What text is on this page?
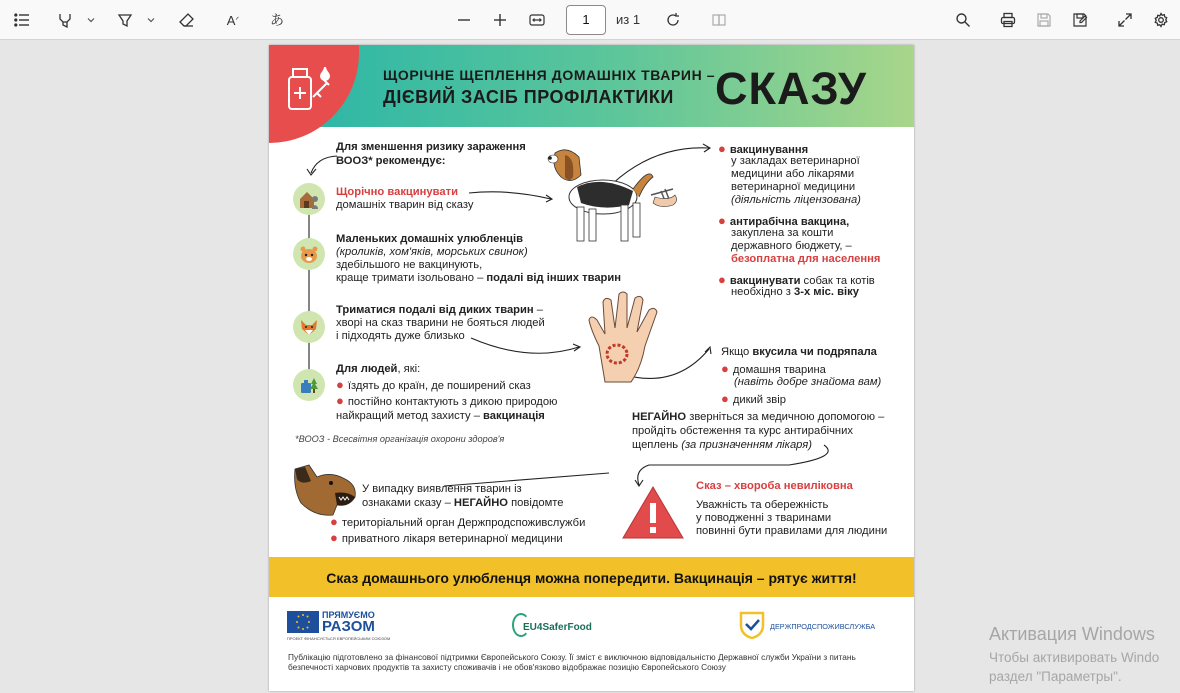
A ᐟ	あ	1	из 1
ЩОРІЧНЕ ЩЕПЛЕННЯ ДОМАШНІХ ТВАРИН –
ДІЄВИЙ ЗАСІБ ПРОФІЛАКТИКИ СКАЗУ
Для зменшення ризику зараження
ВООЗ* рекомендує:
Щорічно вакцинувати
домашніх тварин від сказу
Маленьких домашніх улюбленців
(кроликів, хом'яків, морських свинок)
здебільшого не вакцинують,
краще тримати ізольовано – подалі від інших тварин
Триматися подалі від диких тварин –
хворі на сказ тварини не бояться людей
і підходять дуже близько
Для людей, які:
● їздять до країн, де поширений сказ
● постійно контактують з дикою природою
найкращий метод захисту – вакцинація
*ВООЗ - Всесвітня організація охорони здоров'я
● вакцинування
у закладах ветеринарної
медицини або лікарями
ветеринарної медицини
(діяльність ліцензована)
● антирабічна вакцина,
закуплена за кошти
державного бюджету, –
безоплатна для населення
● вакцинувати собак та котів
необхідно з 3-х міс. віку
Якщо вкусила чи подряпала
● домашня тварина
(навіть добре знайома вам)
● дикий звір
НЕГАЙНО зверніться за медичною допомогою –
пройдіть обстеження та курс антирабічних
щеплень (за призначенням лікаря)
У випадку виявлення тварин із
ознаками сказу – НЕГАЙНО повідомте
● територіальний орган Держпродспоживслужби
● приватного лікаря ветеринарної медицини
Сказ – хвороба невиліковна
Уважність та обережність
у поводженні з тваринами
повинні бути правилами для людини
Сказ домашнього улюбленця можна попередити. Вакцинація – рятує життя!
ПРЯМУЄМО
РАЗОМ
ПРОЕКТ ФІНАНСУЄТЬСЯ ЄВРОПЕЙСЬКИМ СОЮЗОМ
EU4SaferFood	ДЕРЖПРОДСПОЖИВСЛУЖБА
Публікацію підготовлено за фінансової підтримки Європейського Союзу. Її зміст є виключною відповідальністю Державної служби України з питань
безпечності харчових продуктів та захисту споживачів і не обов'язково відображає позицію Європейського Союзу
Активация Windows
Чтобы активировать Windo
раздел "Параметры".
